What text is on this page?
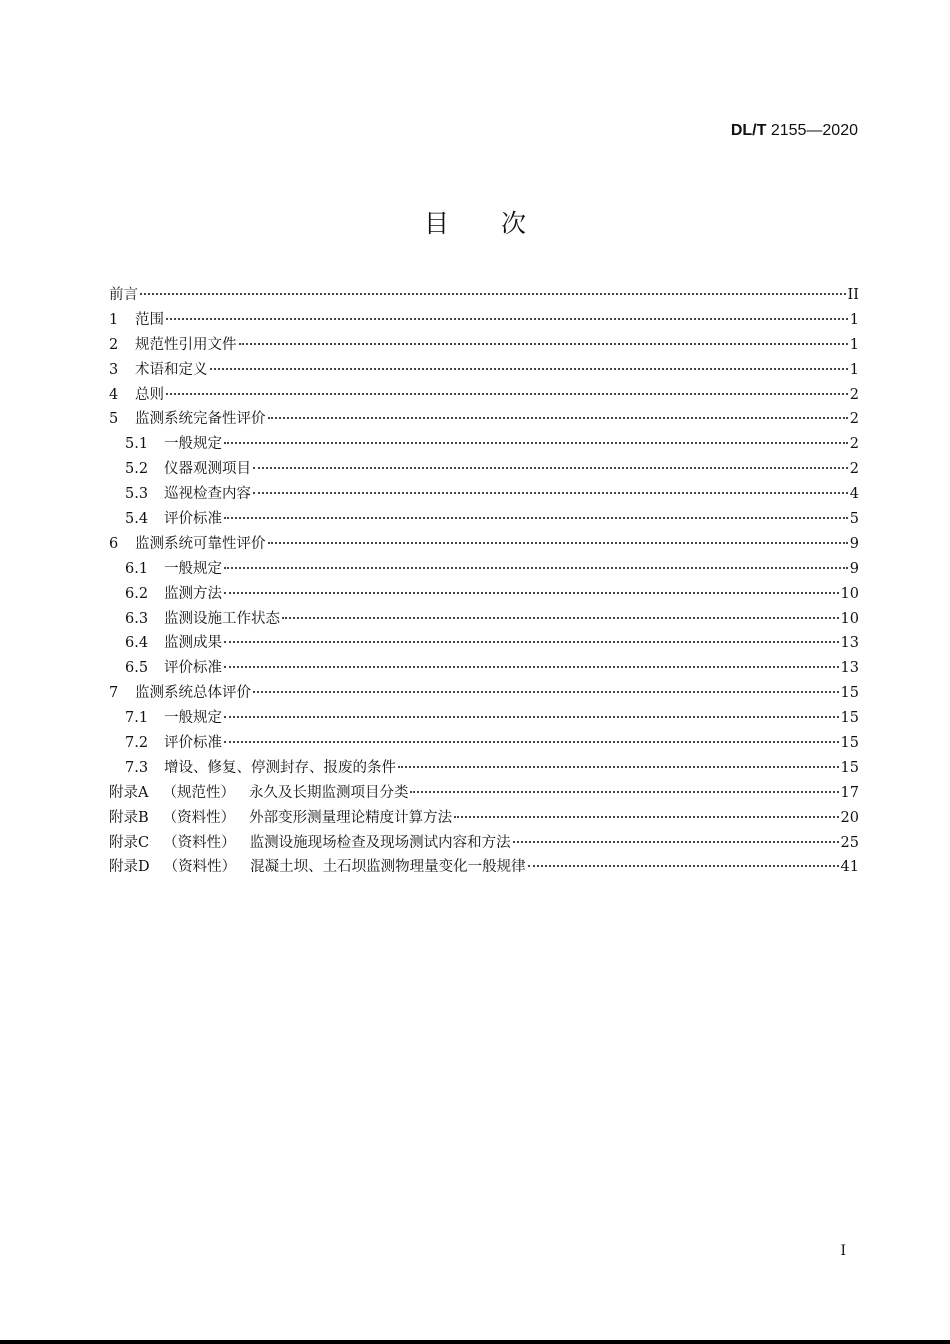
DL/T 2155—2020
目 次
前言	II
1	范围	1
2	规范性引用文件	1
3	术语和定义	1
4	总则	2
5	监测系统完备性评价	2
5.1	一般规定	2
5.2	仪器观测项目	2
5.3	巡视检查内容	4
5.4	评价标准	5
6	监测系统可靠性评价	9
6.1	一般规定	9
6.2	监测方法	10
6.3	监测设施工作状态	10
6.4	监测成果	13
6.5	评价标准	13
7	监测系统总体评价	15
7.1	一般规定	15
7.2	评价标准	15
7.3	增设、修复、停测封存、报废的条件	15
附录A （规范性） 永久及长期监测项目分类	17
附录B （资料性） 外部变形测量理论精度计算方法	20
附录C （资料性） 监测设施现场检查及现场测试内容和方法	25
附录D （资料性） 混凝土坝、土石坝监测物理量变化一般规律	41
I
